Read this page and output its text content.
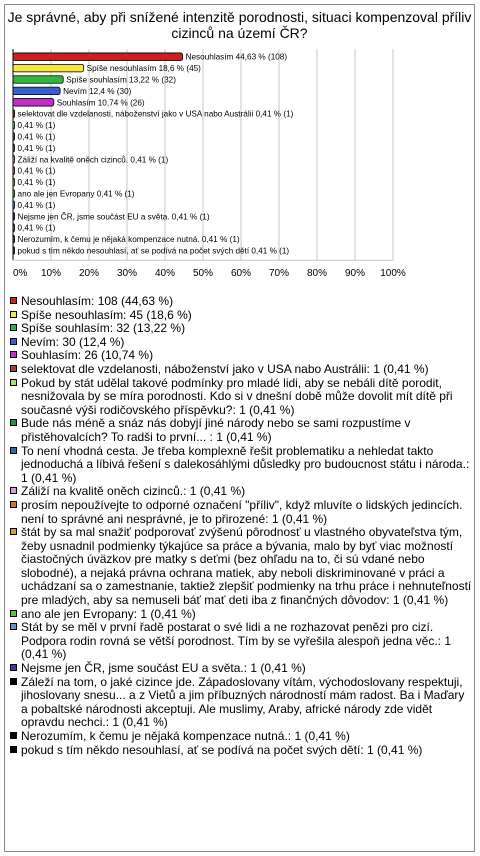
Je správné, aby při snížené intenzitě porodnosti, situaci kompenzoval příliv cizinců na území ČR?
0% 10% 20% 30% 40% 50% 60% 70% 80% 90% 100%
Nesouhlasím 44,63 % (108)
Spíše nesouhlasím 18,6 % (45)
Spíše souhlasím 13,22 % (32)
Nevím 12,4 % (30)
Souhlasím 10,74 % (26)
selektovat dle vzdelanosti, náboženství jako v USA nabo Austrálii 0,41 % (1)
0,41 % (1)
0,41 % (1)
0,41 % (1)
Záliží na kvalitě oněch cizinců. 0,41 % (1)
0,41 % (1)
0,41 % (1)
ano ale jen Evropany 0,41 % (1)
0,41 % (1)
Nejsme jen ČR, jsme součást EU a světa. 0,41 % (1)
0,41 % (1)
Nerozumím, k čemu je nějaká kompenzace nutná. 0,41 % (1)
pokud s tím někdo nesouhlasí, ať se podívá na počet svých dětí 0,41 % (1)
Nesouhlasím: 108 (44,63 %)
Spíše nesouhlasím: 45 (18,6 %)
Spíše souhlasím: 32 (13,22 %)
Nevím: 30 (12,4 %)
Souhlasím: 26 (10,74 %)
selektovat dle vzdelanosti, náboženství jako v USA nabo Austrálii: 1 (0,41 %)
Pokud by stát udělal takové podmínky pro mladé lidi, aby se nebáli dítě porodit, nesnižovala by se míra porodnosti. Kdo si v dnešní době může dovolit mít dítě při současné výši rodičovského příspěvku?: 1 (0,41 %)
Bude nás méně a snáz nás dobyjí jiné národy nebo se sami rozpustíme v přistěhovalcích? To radši to první... : 1 (0,41 %)
To není vhodná cesta. Je třeba komplexně řešit problematiku a nehledat takto jednoduchá a líbivá řešení s dalekosáhlými důsledky pro budoucnost státu i národa.: 1 (0,41 %)
Záliží na kvalitě oněch cizinců.: 1 (0,41 %)
prosím nepoužívejte to odporné označení "příliv", když mluvíte o lidských jedincích. není to správné ani nesprávné, je to přirozené: 1 (0,41 %)
štát by sa mal snažiť podporovať zvýšenú pôrodnosť u vlastného obyvateľstva tým, žeby usnadnil podmienky týkajúce sa práce a bývania, malo by byť viac možností čiastočných úväzkov pre matky s deťmi (bez ohľadu na to, či sú vdané nebo slobodné), a nejaká právna ochrana matiek, aby neboli diskriminované v práci a uchádzaní sa o zamestnanie, taktiež zlepšiť podmienky na trhu práce i nehnuteľností pre mladých, aby sa nemuseli báť mať deti iba z finančných dôvodov: 1 (0,41 %)
ano ale jen Evropany: 1 (0,41 %)
Stát by se měl v první řadě postarat o své lidi a ne rozhazovat penězi pro cizí. Podpora rodin rovná se větší porodnost. Tím by se vyřešila alespoň jedna věc.: 1 (0,41 %)
Nejsme jen ČR, jsme součást EU a světa.: 1 (0,41 %)
Záleží na tom, o jaké cizince jde. Západoslovany vítám, východoslovany respektuji, jihoslovany snesu... a z Vietů a jim příbuzných národností mám radost. Ba i Maďary a pobaltské národnosti akceptuji. Ale muslimy, Araby, africké národy zde vidět opravdu nechci.: 1 (0,41 %)
Nerozumím, k čemu je nějaká kompenzace nutná.: 1 (0,41 %)
pokud s tím někdo nesouhlasí, ať se podívá na počet svých dětí: 1 (0,41 %)
